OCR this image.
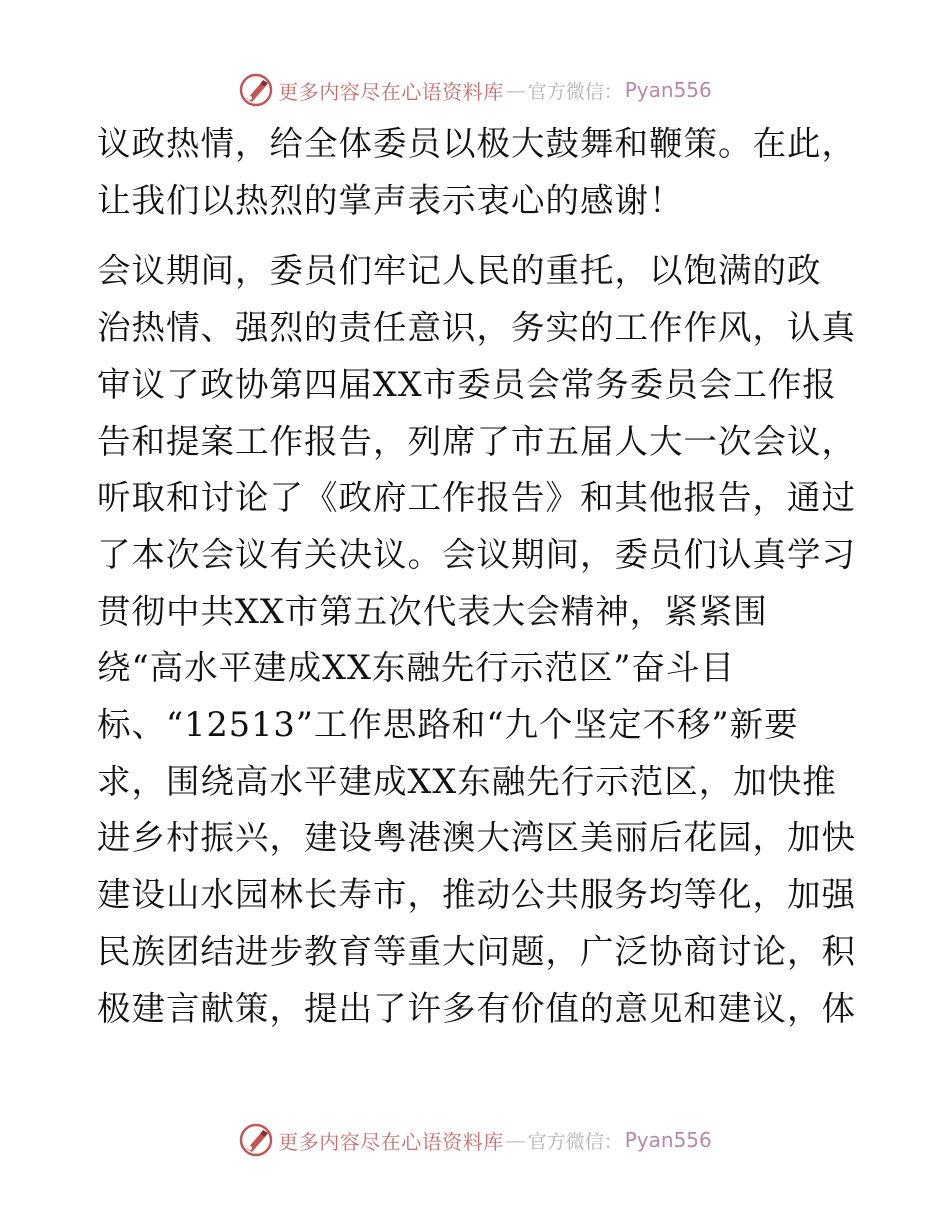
更多内容尽在心语资料库 — 官方微信： Pyan556

议政热情，给全体委员以极大鼓舞和鞭策。在此，

让我们以热烈的掌声表示衷心的感谢！

会议期间，委员们牢记人民的重托，以饱满的政

治热情、强烈的责任意识，务实的工作作风，认真

审议了政协第四届XX市委员会常务委员会工作报

告和提案工作报告，列席了市五届人大一次会议，

听取和讨论了《政府工作报告》和其他报告，通过

了本次会议有关决议。会议期间，委员们认真学习

贯彻中共XX市第五次代表大会精神，紧紧围

绕“高水平建成XX东融先行示范区”奋斗目

标、“12513”工作思路和“九个坚定不移”新要

求，围绕高水平建成XX东融先行示范区，加快推

进乡村振兴，建设粤港澳大湾区美丽后花园，加快

建设山水园林长寿市，推动公共服务均等化，加强

民族团结进步教育等重大问题，广泛协商讨论，积

极建言献策，提出了许多有价值的意见和建议，体

更多内容尽在心语资料库 — 官方微信： Pyan556
